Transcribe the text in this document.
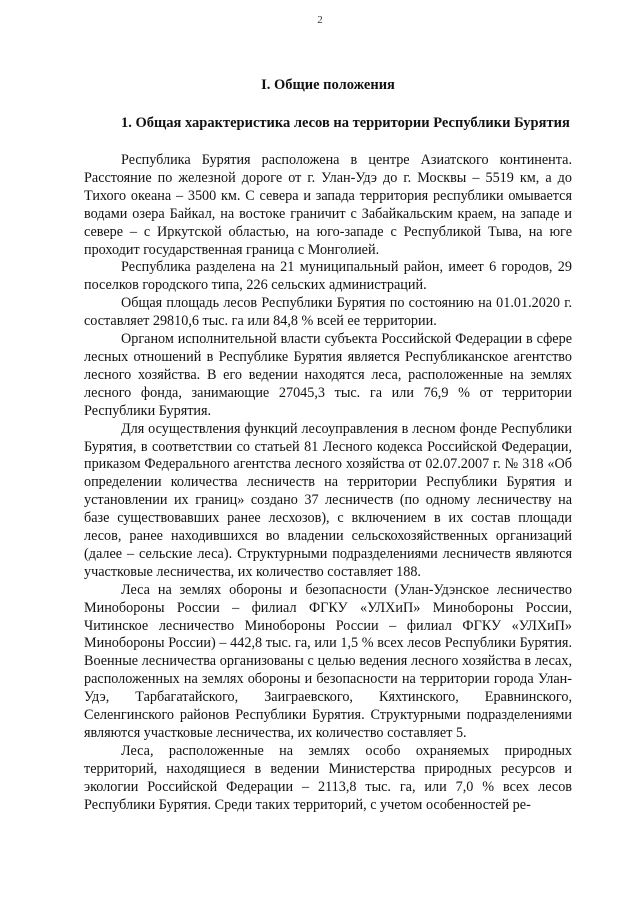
2
I. Общие положения
1. Общая характеристика лесов на территории Республики Бурятия

Республика Бурятия расположена в центре Азиатского континента. Расстояние по железной дороге от г. Улан-Удэ до г. Москвы – 5519 км, а до Тихого океана – 3500 км. С севера и запада территория республики омывается водами озера Байкал, на востоке граничит с Забайкальским краем, на западе и севере – с Иркутской областью, на юго-западе с Республикой Тыва, на юге проходит государственная граница с Монголией.

Республика разделена на 21 муниципальный район, имеет 6 городов, 29 поселков городского типа, 226 сельских администраций.

Общая площадь лесов Республики Бурятия по состоянию на 01.01.2020 г. составляет 29810,6 тыс. га или 84,8 % всей ее территории.

Органом исполнительной власти субъекта Российской Федерации в сфере лесных отношений в Республике Бурятия является Республиканское агентство лесного хозяйства. В его ведении находятся леса, расположенные на землях лесного фонда, занимающие 27045,3 тыс. га или 76,9 % от территории Республики Бурятия.

Для осуществления функций лесоуправления в лесном фонде Республики Бурятия, в соответствии со статьей 81 Лесного кодекса Российской Федерации, приказом Федерального агентства лесного хозяйства от 02.07.2007 г. № 318 «Об определении количества лесничеств на территории Республики Бурятия и установлении их границ» создано 37 лесничеств (по одному лесничеству на базе существовавших ранее лесхозов), с включением в их состав площади лесов, ранее находившихся во владении сельскохозяйственных организаций (далее – сельские леса). Структурными подразделениями лесничеств являются участковые лесничества, их количество составляет 188.

Леса на землях обороны и безопасности (Улан-Удэнское лесничество Минобороны России – филиал ФГКУ «УЛХиП» Минобороны России, Читинское лесничество Минобороны России – филиал ФГКУ «УЛХиП» Минобороны России) – 442,8 тыс. га, или 1,5 % всех лесов Республики Бурятия. Военные лесничества организованы с целью ведения лесного хозяйства в лесах, расположенных на землях обороны и безопасности на территории города Улан-Удэ, Тарбагатайского, Заиграевского, Кяхтинского, Еравнинского, Селенгинского районов Республики Бурятия. Структурными подразделениями являются участковые лесничества, их количество составляет 5.

Леса, расположенные на землях особо охраняемых природных территорий, находящиеся в ведении Министерства природных ресурсов и экологии Российской Федерации – 2113,8 тыс. га, или 7,0 % всех лесов Республики Бурятия. Среди таких территорий, с учетом особенностей ре-
